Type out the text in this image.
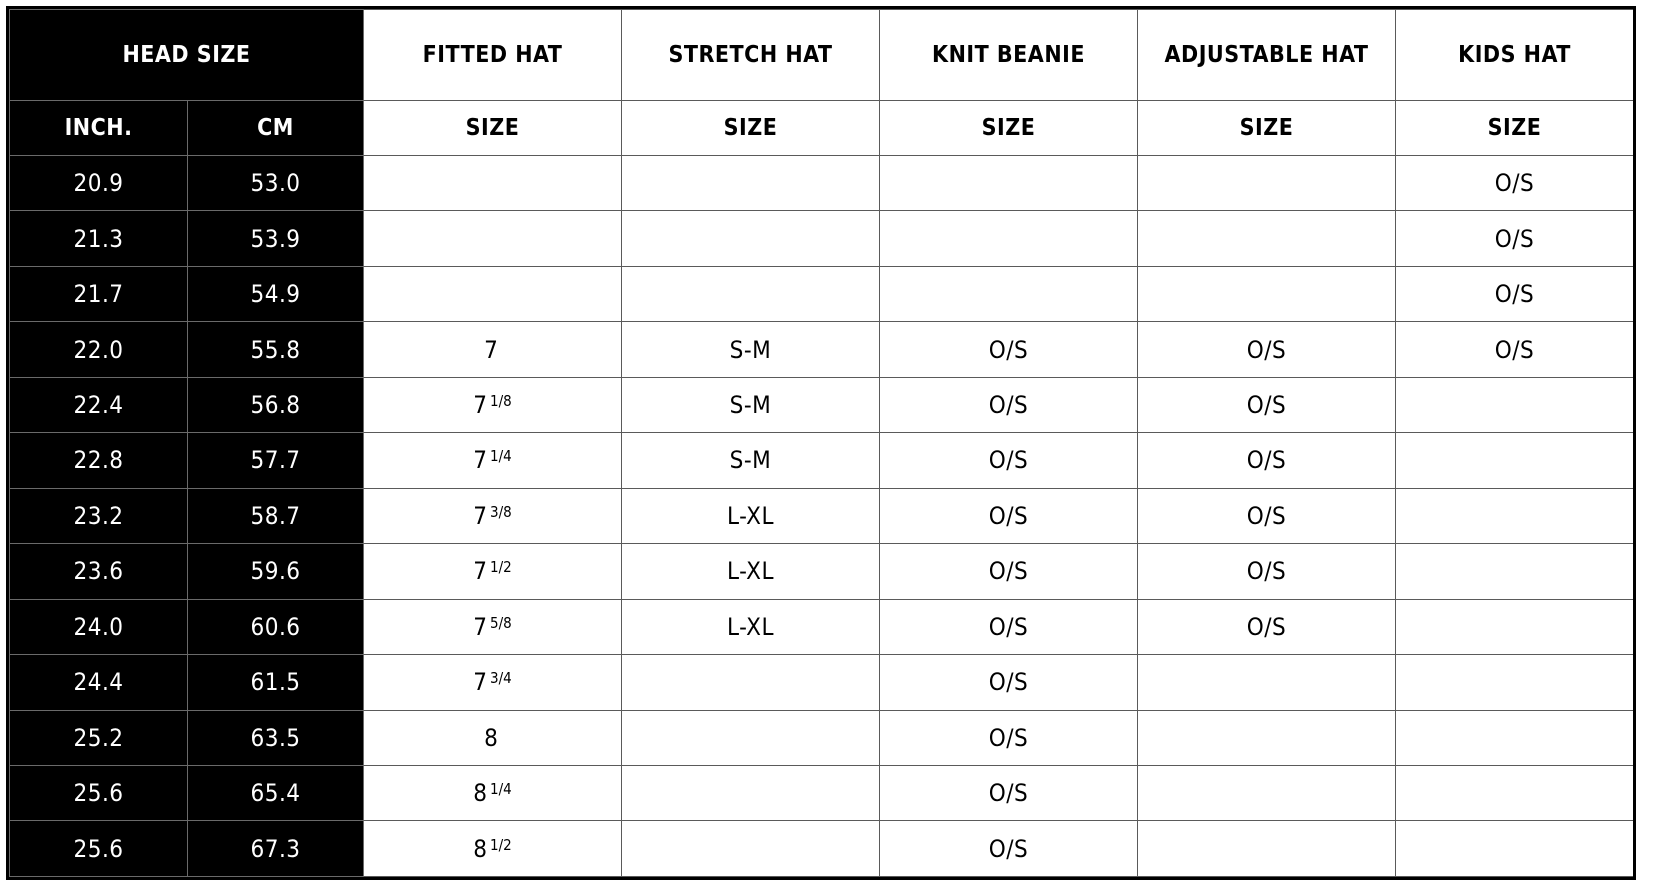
HEAD SIZE		FITTED HAT	STRETCH HAT	KNIT BEANIE	ADJUSTABLE HAT	KIDS HAT
INCH.	CM	SIZE	SIZE	SIZE	SIZE	SIZE
20.9	53.0					O/S
21.3	53.9					O/S
21.7	54.9					O/S
22.0	55.8	7	S-M	O/S	O/S	O/S
22.4	56.8	7 $^{1/8}$	S-M	O/S	O/S	
22.8	57.7	7 $^{1/4}$	S-M	O/S	O/S	
23.2	58.7	7 $^{3/8}$	L-XL	O/S	O/S	
23.6	59.6	7 $^{1/2}$	L-XL	O/S	O/S	
24.0	60.6	7 $^{5/8}$	L-XL	O/S	O/S	
24.4	61.5	7 $^{3/4}$		O/S		
25.2	63.5	8		O/S		
25.6	65.4	8 $^{1/4}$		O/S		
25.6	67.3	8 $^{1/2}$		O/S		
